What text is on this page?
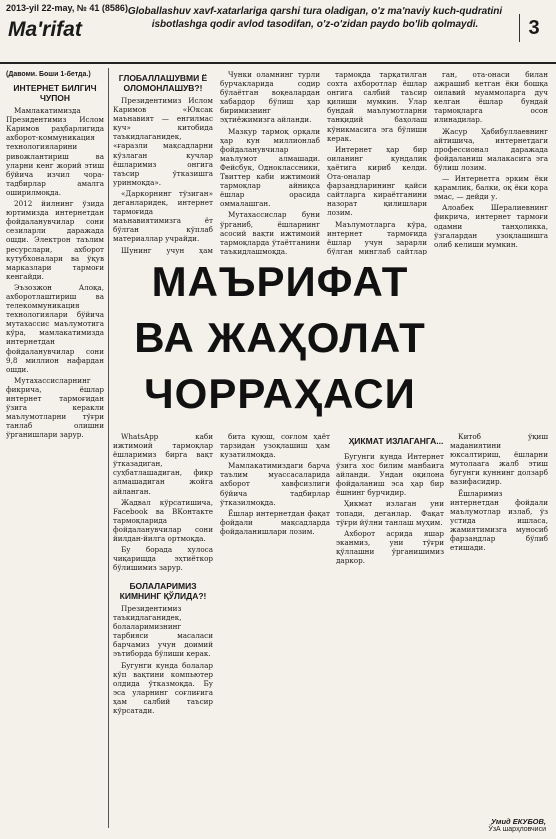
2013-yil 22-may, № 41 (8586)
Ma'rifat
Globallashuv xavf-xatarlariga qarshi tura oladigan, o'z ma'naviy kuch-qudratini isbotlashga qodir avlod tasodifan, o'z-o'zidan paydo bo'lib qolmaydi.	3
(Давоми. Боши 1-бетда.)
ИНТЕРНЕТ БИЛГИЧ ЧУПОН

Мамлакатимизда Президентимиз Ислом Каримов раҳбарлигида ахборот-коммуникация технологияларини ривожлантириш ва уларни кенг жорий этиш бўйича изчил чора-тадбирлар амалга оширилмоқда.

2012 йилнинг ўзида юртимизда интернетдан фойдаланувчилар сони сезиларли даражада ошди. Электрон таълим ресурслари, ахборот кутубхоналари ва ўқув марказлари тармоғи кенгайди.

Эъзозжон Алоқа, ахборотлаштириш ва телекоммуникация технологиялари бўйича мутахассис маълумотига кўра, мамлакатимизда интернетдан фойдаланувчилар сони 9,8 миллион нафардан ошди.

Мутахассисларнинг фикрича, ёшлар интернет тармоғидан ўзига керакли маълумотларни тўғри танлаб олишни ўрганишлари зарур.

ГЛОБАЛЛАШУВМИ Ё ОЛОМОНЛАШУВ?!

Президентимиз Ислом Каримов «Юксак маънавият — енгилмас куч» китобида таъкидлаганидек, «ғаразли мақсадларни кўзлаган кучлар ёшларимиз онгига таъсир ўтказишга уринмоқда».

«Даркорнинг тўзиган» деганларидек, интернет тармоғида маънавиятимизга ёт бўлган кўплаб материаллар учрайди.

Шунинг учун ҳам

Чунки оламнинг турли бурчакларида содир бўлаётган воқеалардан хабардор бўлиш ҳар биримизнинг эҳтиёжимизга айланди.

Мазкур тармоқ орқали ҳар кун миллионлаб фойдаланувчилар маълумот алмашади. Фейсбук, Одноклассники, Твиттер каби ижтимоий тармоқлар айниқса ёшлар орасида оммалашган.

Мутахассислар буни ўрганиб, ёшларнинг асосий вақти ижтимоий тармоқларда ўтаётганини таъкидлашмоқда.

тармоқда тарқатилган сохта ахборотлар ёшлар онгига салбий таъсир қилиши мумкин. Улар бундай маълумотларни танқидий баҳолаш кўникмасига эга бўлиши керак.

Интернет ҳар бир оиланинг кундалик ҳаётига кириб келди. Ота-оналар фарзандларининг қайси сайтларга кираётганини назорат қилишлари лозим.

Маълумотларга кўра, интернет тармоғида ёшлар учун зарарли бўлган минглаб сайтлар

ган, ота-онаси билан ажрашиб кетган ёки бошқа оилавий муаммоларга дуч келган ёшлар бундай тармоқларга осон илинадилар.

Жасур Ҳабибуллаевнинг айтишича, интернетдаги профессионал даражада фойдаланиш малакасига эга бўлиш лозим.

— Интернетга эрким ёки қарамлик, балки, оқ ёки қора эмас, — дейди у.

Алоабек Шералиевнинг фикрича, интернет тармоғи одамни танҳоликка, ўзгалардан узоқлашишга олиб келиши мумкин.

МАЪРИФАТ
ВА ЖАҲОЛАТ
ЧОРРАҲАСИ

WhatsApp каби ижтимоий тармоқлар ёшларимиз бирга вақт ўтказадиган, суҳбатлашадиган, фикр алмашадиган жойга айланган.

Жадвал кўрсатишича, Facebook ва ВКонтакте тармоқларида фойдаланувчилар сони йилдан-йилга ортмоқда.

Бу борада хулоса чиқаришда эҳтиёткор бўлишимиз зарур.

БОЛАЛАРИМИЗ КИМНИНГ ҚЎЛИДА?!

Президентимиз таъкидлаганидек, болаларимизнинг тарбияси масаласи барчамиз учун доимий эътиборда бўлиши керак.

Бугунги кунда болалар кўп вақтини компьютер олдида ўтказмоқда. Бу эса уларнинг соғлиғига ҳам салбий таъсир кўрсатади.

бита қуюш, соғлом ҳаёт тарзидан узоқлашиш ҳам кузатилмоқда.

Мамлакатимиздаги барча таълим муассасаларида ахборот хавфсизлиги бўйича тадбирлар ўтказилмоқда.

Ёшлар интернетдан фақат фойдали мақсадларда фойдаланишлари лозим.

ҲИКМАТ ИЗЛАГАНГА...

Бугунги кунда Интернет ўзига хос билим манбаига айланди. Ундан оқилона фойдаланиш эса ҳар бир ёшнинг бурчидир.

Ҳикмат излаган уни топади, деганлар. Фақат тўғри йўлни танлаш муҳим.

Ахборот асрида яшар эканмиз, уни тўғри қўллашни ўрганишимиз даркор.

Китоб ўқиш маданиятини юксалтириш, ёшларни мутолаага жалб этиш бугунги куннинг долзарб вазифасидир.

Ёшларимиз интернетдан фойдали маълумотлар излаб, ўз устида ишласа, жамиятимизга муносиб фарзандлар бўлиб етишади.

Умид ЕКУБОВ,
ЎзА шарҳловчиси
